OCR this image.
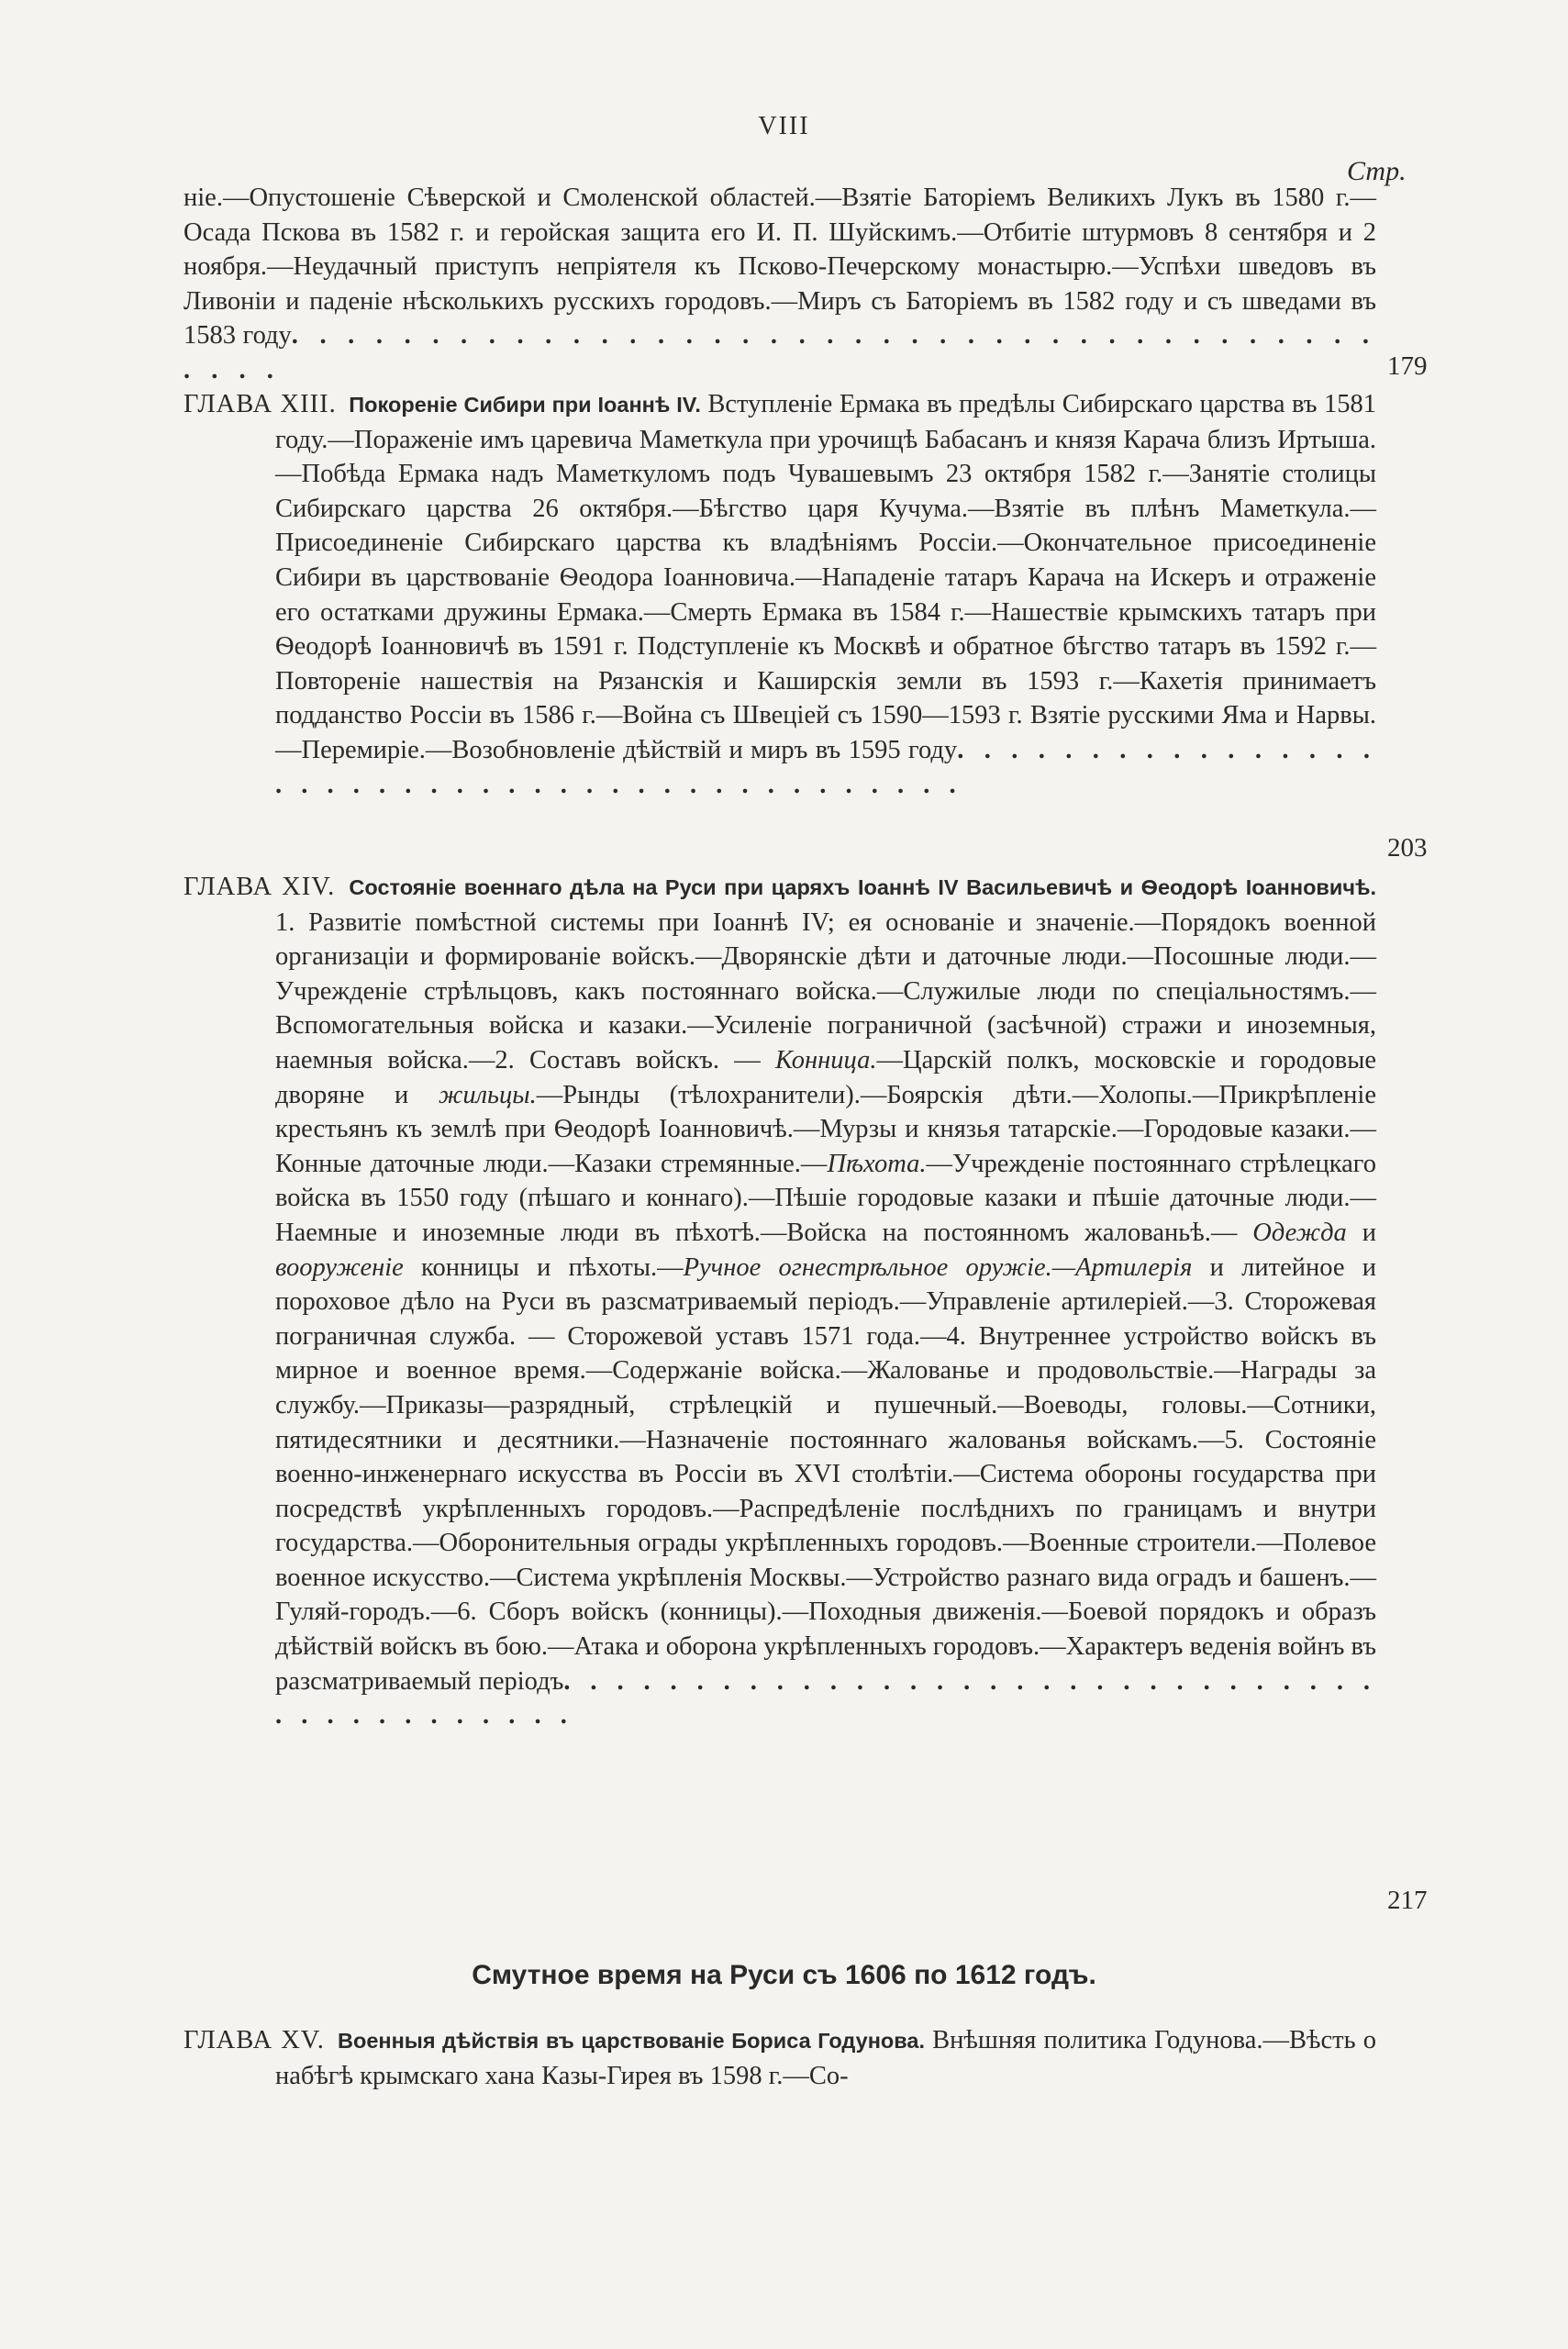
VIII
Стр.
ніе.—Опустошеніе Сѣверской и Смоленской областей.—Взятіе Баторіемъ Великихъ Лукъ въ 1580 г.—Осада Пскова въ 1582 г. и геройская защита его И. П. Шуйскимъ.—Отбитіе штурмовъ 8 сентября и 2 ноября.—Неудачный приступъ непріятеля къ Псково-Печерскому монастырю.—Успѣхи шведовъ въ Ливоніи и паденіе нѣсколькихъ русскихъ городовъ.—Миръ съ Баторіемъ въ 1582 году и съ шведами въ 1583 году. . . . . . . . . . . . . . . . . . . . . . . . . . . . . . . . . . . . . . . . . . .	179
ГЛАВА XIII. Покореніе Сибири при Іоаннѣ IV. Вступленіе Ермака въ предѣлы Сибирскаго царства въ 1581 году.—Пораженіе имъ царевича Маметкула при урочищѣ Бабасанъ и князя Карача близъ Иртыша.—Побѣда Ермака надъ Маметкуломъ подъ Чувашевымъ 23 октября 1582 г.—Занятіе столицы Сибирскаго царства 26 октября.—Бѣгство царя Кучума.—Взятіе въ плѣнъ Маметкула.—Присоединеніе Сибирскаго царства къ владѣніямъ Россіи.—Окончательное присоединеніе Сибири въ царствованіе Ѳеодора Іоанновича.—Нападеніе татаръ Карача на Искеръ и отраженіе его остатками дружины Ермака.—Смерть Ермака въ 1584 г.—Нашествіе крымскихъ татаръ при Ѳеодорѣ Іоанновичѣ въ 1591 г. Подступленіе къ Москвѣ и обратное бѣгство татаръ въ 1592 г.—Повтореніе нашествія на Рязанскія и Каширскія земли въ 1593 г.—Кахетія принимаетъ подданство Россіи въ 1586 г.—Война съ Швеціей съ 1590—1593 г. Взятіе русскими Яма и Нарвы.—Перемиріе.—Возобновленіе дѣйствій и миръ въ 1595 году. . . . . . . . . . . . . . . . . . . . . . . . . . . . . . . . . . . . . . . . . . .
203
ГЛАВА XIV. Состояніе военнаго дѣла на Руси при царяхъ Іоаннѣ IV Васильевичѣ и Ѳеодорѣ Іоанновичѣ. 1. Развитіе помѣстной системы при Іоаннѣ IV; ея основаніе и значеніе.—Порядокъ военной организаціи и формированіе войскъ.—Дворянскіе дѣти и даточные люди.—Посошные люди.—Учрежденіе стрѣльцовъ, какъ постояннаго войска.—Служилые люди по спеціальностямъ.—Вспомогательныя войска и казаки.—Усиленіе пограничной (засѣчной) стражи и иноземныя, наемныя войска.—2. Составъ войскъ. — Конница.—Царскій полкъ, московскіе и городовые дворяне и жильцы.—Рынды (тѣлохранители).—Боярскія дѣти.—Холопы.—Прикрѣпленіе крестьянъ къ землѣ при Ѳеодорѣ Іоанновичѣ.—Мурзы и князья татарскіе.—Городовые казаки.—Конные даточные люди.—Казаки стремянные.—Пѣхота.—Учрежденіе постояннаго стрѣлецкаго войска въ 1550 году (пѣшаго и коннаго).—Пѣшіе городовые казаки и пѣшіе даточные люди.—Наемные и иноземные люди въ пѣхотѣ.—Войска на постоянномъ жалованьѣ.— Одежда и вооруженіе конницы и пѣхоты.—Ручное огнестрѣльное оружіе.—Артилерія и литейное и пороховое дѣло на Руси въ разсматриваемый періодъ.—Управленіе артилеріей.—3. Сторожевая пограничная служба. — Сторожевой уставъ 1571 года.—4. Внутреннее устройство войскъ въ мирное и военное время.—Содержаніе войска.—Жалованье и продовольствіе.—Награды за службу.—Приказы—разрядный, стрѣлецкій и пушечный.—Воеводы, головы.—Сотники, пятидесятники и десятники.—Назначеніе постояннаго жалованья войскамъ.—5. Состояніе военно-инженернаго искусства въ Россіи въ XVI столѣтіи.—Система обороны государства при посредствѣ укрѣпленныхъ городовъ.—Распредѣленіе послѣднихъ по границамъ и внутри государства.—Оборонительныя ограды укрѣпленныхъ городовъ.—Военные строители.—Полевое военное искусство.—Система укрѣпленія Москвы.—Устройство разнаго вида оградъ и башенъ.—Гуляй-городъ.—6. Сборъ войскъ (конницы).—Походныя движенія.—Боевой порядокъ и образъ дѣйствій войскъ въ бою.—Атака и оборона укрѣпленныхъ городовъ.—Характеръ веденія войнъ въ разсматриваемый періодъ. . . . . . . . . . . . . . . . . . . . . . . . . . . . . . . . . . . . . . . . . . .
217
Смутное время на Руси съ 1606 по 1612 годъ.
ГЛАВА XV. Военныя дѣйствія въ царствованіе Бориса Годунова. Внѣшняя политика Годунова.—Вѣсть о набѣгѣ крымскаго хана Казы-Гирея въ 1598 г.—Со-
